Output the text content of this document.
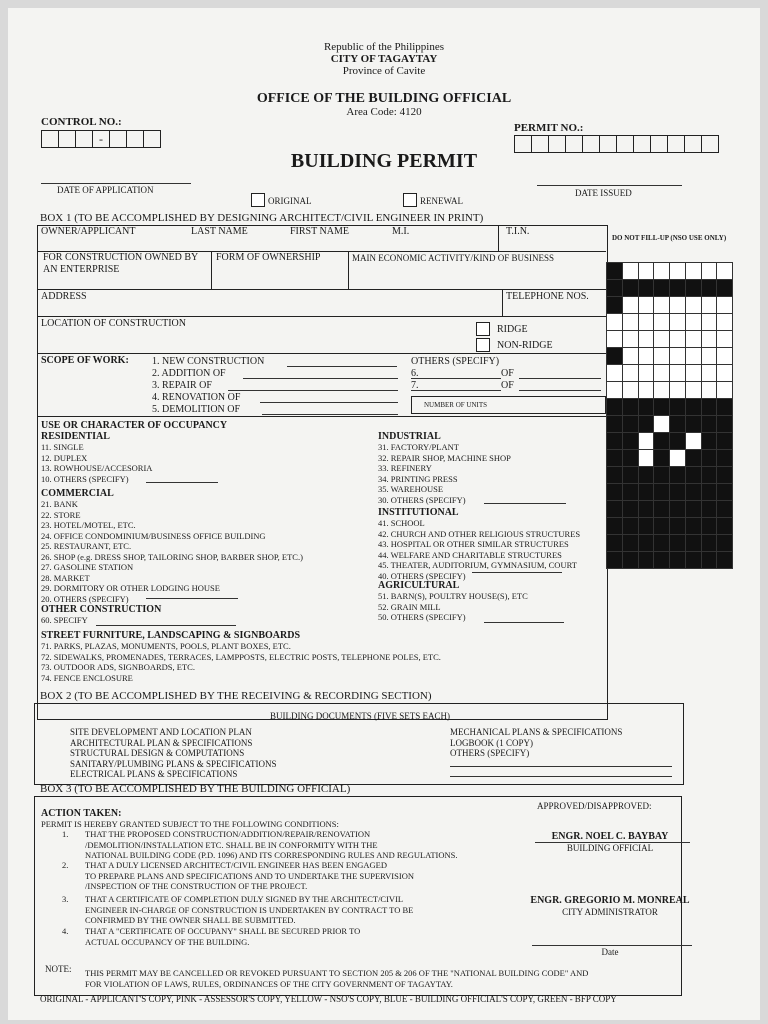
Republic of the Philippines
CITY OF TAGAYTAY
Province of Cavite
OFFICE OF THE BUILDING OFFICIAL
Area Code: 4120
CONTROL NO.:
-
PERMIT NO.:
BUILDING PERMIT
DATE OF APPLICATION
ORIGINAL	RENEWAL
DATE ISSUED
BOX 1 (TO BE ACCOMPLISHED BY DESIGNING ARCHITECT/CIVIL ENGINEER IN PRINT)
OWNER/APPLICANT	LAST NAME	FIRST NAME	M.I.	T.I.N.
FOR CONSTRUCTION OWNED BY AN ENTERPRISE
FORM OF OWNERSHIP	MAIN ECONOMIC ACTIVITY/KIND OF BUSINESS
ADDRESS	TELEPHONE NOS.
LOCATION OF CONSTRUCTION
RIDGE
NON-RIDGE
SCOPE OF WORK: 1. NEW CONSTRUCTION
2. ADDITION OF
3. REPAIR OF
4. RENOVATION OF
5. DEMOLITION OF
OTHERS (SPECIFY)
6.	OF
7.	OF
NUMBER OF UNITS
USE OR CHARACTER OF OCCUPANCY
RESIDENTIAL
11. SINGLE
12. DUPLEX
13. ROWHOUSE/ACCESORIA
10. OTHERS (SPECIFY)
COMMERCIAL
21. BANK
22. STORE
23. HOTEL/MOTEL, ETC.
24. OFFICE CONDOMINIUM/BUSINESS OFFICE BUILDING
25. RESTAURANT, ETC.
26. SHOP (e.g. DRESS SHOP, TAILORING SHOP, BARBER SHOP, ETC.)
27. GASOLINE STATION
28. MARKET
29. DORMITORY OR OTHER LODGING HOUSE
20. OTHERS (SPECIFY)
OTHER CONSTRUCTION
60. SPECIFY
STREET FURNITURE, LANDSCAPING & SIGNBOARDS
71. PARKS, PLAZAS, MONUMENTS, POOLS, PLANT BOXES, ETC.
72. SIDEWALKS, PROMENADES, TERRACES, LAMPPOSTS, ELECTRIC POSTS, TELEPHONE POLES, ETC.
73. OUTDOOR ADS, SIGNBOARDS, ETC.
74. FENCE ENCLOSURE
INDUSTRIAL
31. FACTORY/PLANT
32. REPAIR SHOP, MACHINE SHOP
33. REFINERY
34. PRINTING PRESS
35. WAREHOUSE
30. OTHERS (SPECIFY)
INSTITUTIONAL
41. SCHOOL
42. CHURCH AND OTHER RELIGIOUS STRUCTURES
43. HOSPITAL OR OTHER SIMILAR STRUCTURES
44. WELFARE AND CHARITABLE STRUCTURES
45. THEATER, AUDITORIUM, GYMNASIUM, COURT
40. OTHERS (SPECIFY)
AGRICULTURAL
51. BARN(S), POULTRY HOUSE(S), ETC
52. GRAIN MILL
50. OTHERS (SPECIFY)
DO NOT FILL-UP (NSO USE ONLY)
BOX 2 (TO BE ACCOMPLISHED BY THE RECEIVING & RECORDING SECTION)
BUILDING DOCUMENTS (FIVE SETS EACH)
SITE DEVELOPMENT AND LOCATION PLAN
ARCHITECTURAL PLAN & SPECIFICATIONS
STRUCTURAL DESIGN & COMPUTATIONS
SANITARY/PLUMBING PLANS & SPECIFICATIONS
ELECTRICAL PLANS & SPECIFICATIONS
MECHANICAL PLANS & SPECIFICATIONS
LOGBOOK (1 COPY)
OTHERS (SPECIFY)
BOX 3 (TO BE ACCOMPLISHED BY THE BUILDING OFFICIAL)
ACTION TAKEN:
PERMIT IS HEREBY GRANTED SUBJECT TO THE FOLLOWING CONDITIONS:
1. THAT THE PROPOSED CONSTRUCTION/ADDITION/REPAIR/RENOVATION
/DEMOLITION/INSTALLATION ETC. SHALL BE IN CONFORMITY WITH THE
NATIONAL BUILDING CODE (P.D. 1096) AND ITS CORRESPONDING RULES AND REGULATIONS.
2. THAT A DULY LICENSED ARCHITECT/CIVIL ENGINEER HAS BEEN ENGAGED
TO PREPARE PLANS AND SPECIFICATIONS AND TO UNDERTAKE THE SUPERVISION
/INSPECTION OF THE CONSTRUCTION OF THE PROJECT.
3. THAT A CERTIFICATE OF COMPLETION DULY SIGNED BY THE ARCHITECT/CIVIL
ENGINEER IN-CHARGE OF CONSTRUCTION IS UNDERTAKEN BY CONTRACT TO BE
CONFIRMED BY THE OWNER SHALL BE SUBMITTED.
4. THAT A "CERTIFICATE OF OCCUPANY" SHALL BE SECURED PRIOR TO
ACTUAL OCCUPANCY OF THE BUILDING.
APPROVED/DISAPPROVED:
ENGR. NOEL C. BAYBAY
BUILDING OFFICIAL
ENGR. GREGORIO M. MONREAL
CITY ADMINISTRATOR
Date
NOTE: THIS PERMIT MAY BE CANCELLED OR REVOKED PURSUANT TO SECTION 205 & 206 OF THE "NATIONAL BUILDING CODE" AND
FOR VIOLATION OF LAWS, RULES, ORDINANCES OF THE CITY GOVERNMENT OF TAGAYTAY.
ORIGINAL - APPLICANT'S COPY, PINK - ASSESSOR'S COPY, YELLOW - NSO'S COPY, BLUE - BUILDING OFFICIAL'S COPY, GREEN - BFP COPY
